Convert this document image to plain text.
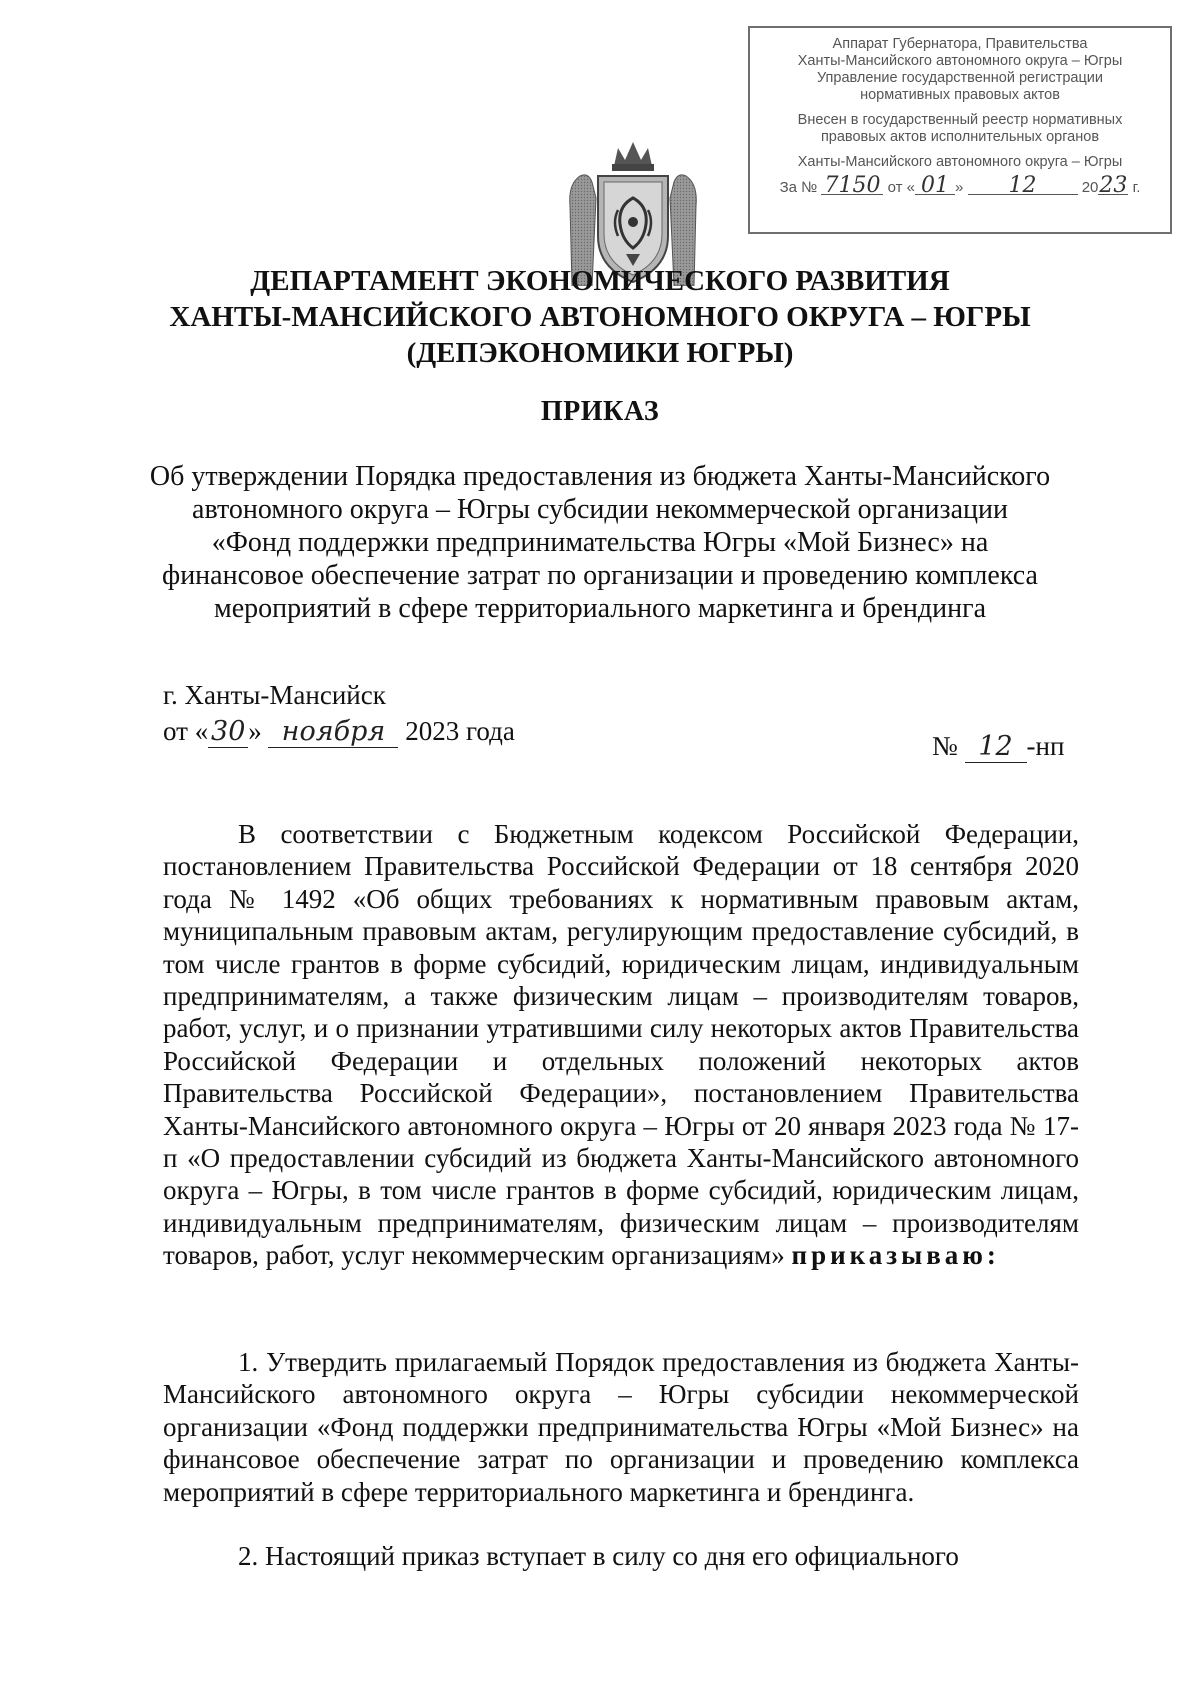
Аппарат Губернатора, Правительства
Ханты-Мансийского автономного округа – Югры
Управление государственной регистрации
нормативных правовых актов
Внесен в государственный реестр нормативных
правовых актов исполнительных органов
Ханты-Мансийского автономного округа – Югры
За № 7150 от « 01 » 12	2023 г.
ДЕПАРТАМЕНТ ЭКОНОМИЧЕСКОГО РАЗВИТИЯ
ХАНТЫ-МАНСИЙСКОГО АВТОНОМНОГО ОКРУГА – ЮГРЫ
(ДЕПЭКОНОМИКИ ЮГРЫ)
ПРИКАЗ
Об утверждении Порядка предоставления из бюджета Ханты-Мансийского
автономного округа – Югры субсидии некоммерческой организации
«Фонд поддержки предпринимательства Югры «Мой Бизнес» на
финансовое обеспечение затрат по организации и проведению комплекса
мероприятий в сфере территориального маркетинга и брендинга
г. Ханты-Мансийск
от « 30 » ноября 2023 года	№ 12 -нп
В соответствии с Бюджетным кодексом Российской Федерации, постановлением Правительства Российской Федерации от 18 сентября 2020 года № 1492 «Об общих требованиях к нормативным правовым актам, муниципальным правовым актам, регулирующим предоставление субсидий, в том числе грантов в форме субсидий, юридическим лицам, индивидуальным предпринимателям, а также физическим лицам – производителям товаров, работ, услуг, и о признании утратившими силу некоторых актов Правительства Российской Федерации и отдельных положений некоторых актов Правительства Российской Федерации», постановлением Правительства Ханты-Мансийского автономного округа – Югры от 20 января 2023 года № 17-п «О предоставлении субсидий из бюджета Ханты-Мансийского автономного округа – Югры, в том числе грантов в форме субсидий, юридическим лицам, индивидуальным предпринимателям, физическим лицам – производителям товаров, работ, услуг некоммерческим организациям» приказываю:
1. Утвердить прилагаемый Порядок предоставления из бюджета Ханты-Мансийского автономного округа – Югры субсидии некоммерческой организации «Фонд поддержки предпринимательства Югры «Мой Бизнес» на финансовое обеспечение затрат по организации и проведению комплекса мероприятий в сфере территориального маркетинга и брендинга.
2. Настоящий приказ вступает в силу со дня его официального
